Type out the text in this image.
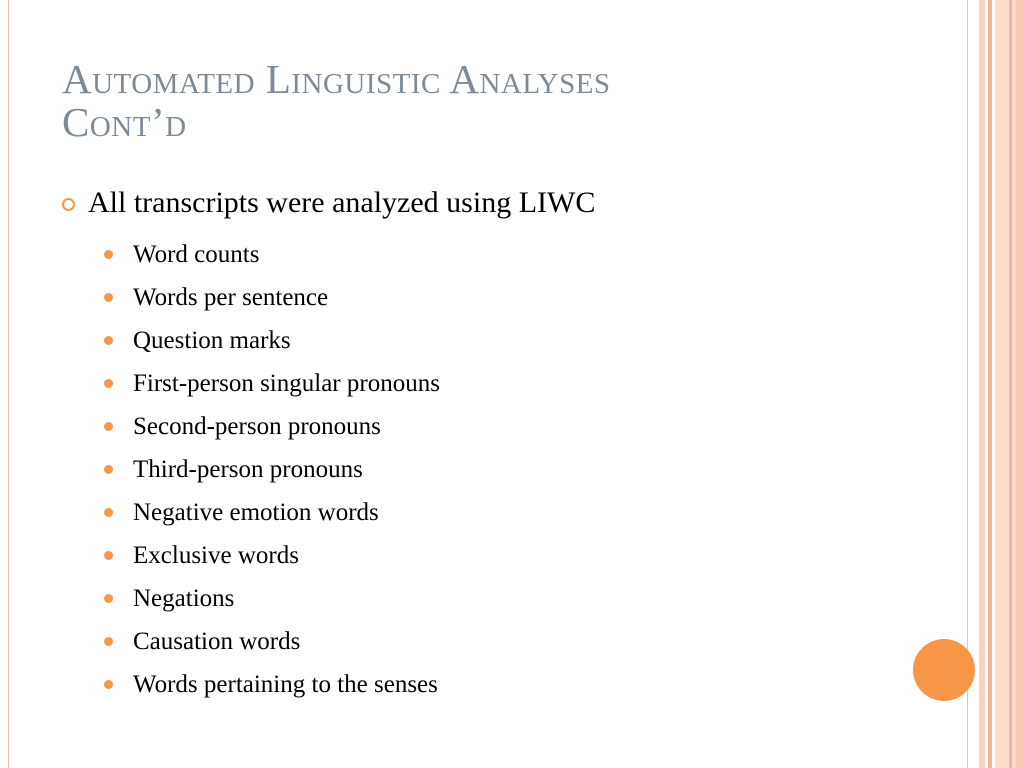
Automated Linguistic Analyses
Cont’d
All transcripts were analyzed using LIWC
Word counts
Words per sentence
Question marks
First-person singular pronouns
Second-person pronouns
Third-person pronouns
Negative emotion words
Exclusive words
Negations
Causation words
Words pertaining to the senses
